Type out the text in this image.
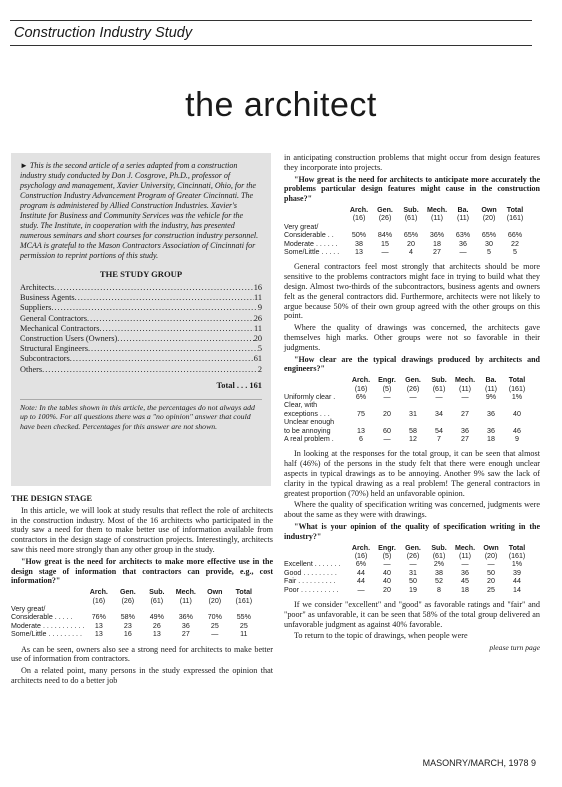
Construction Industry Study
the architect

► This is the second article of a series adapted from a construction industry study conducted by Don J. Cosgrove, Ph.D., professor of psychology and management, Xavier University, Cincinnati, Ohio, for the Construction Industry Advancement Program of Greater Cincinnati. The program is administered by Allied Construction Industries. Xavier's Institute for Business and Community Services was the vehicle for the study. The Institute, in cooperation with the industry, has presented numerous seminars and short courses for construction industry personnel. MCAA is grateful to the Mason Contractors Association of Cincinnati for permission to reprint portions of this study.

THE STUDY GROUP
Architects .....	16
Business Agents .....	11
Suppliers .....	9
General Contractors .....	26
Mechanical Contractors .....	11
Construction Users (Owners) .....	20
Structural Engineers .....	5
Subcontractors .....	61
Others .....	2
Total . . . 161
Note: In the tables shown in this article, the percentages do not always add up to 100%. For all questions there was a "no opinion" answer that could have been checked. Percentages for this answer are not shown.
THE DESIGN STAGE

In this article, we will look at study results that reflect the role of architects in the construction industry. Most of the 16 architects who participated in the study saw a need for them to make better use of information available from contractors in the design stage of construction projects. Interestingly, architects saw this need more strongly than any other group in the study.

"How great is the need for architects to make more effective use in the design stage of information that contractors can provide, e.g., cost information?"

	Arch.	Gen.	Sub.	Mech.	Own	Total
	(16)	(26)	(61)	(11)	(20)	(161)
Very great/						
Considerable . . . . .	76%	58%	49%	36%	70%	55%
Moderate . . . . . . . . . . .	13	23	26	36	25	25
Some/Little . . . . . . . . .	13	16	13	27	—	11

As can be seen, owners also see a strong need for architects to make better use of information from contractors.

On a related point, many persons in the study expressed the opinion that architects need to do a better job

in anticipating construction problems that might occur from design features they incorporate into projects.

"How great is the need for architects to anticipate more accurately the problems particular design features might cause in the construction phase?"

	Arch.	Gen.	Sub.	Mech.	Ba.	Own	Total
	(16)	(26)	(61)	(11)	(11)	(20)	(161)
Very great/							
Considerable . .	50%	84%	65%	36%	63%	65%	66%
Moderate . . . . . .	38	15	20	18	36	30	22
Some/Little . . . . .	13	—	4	27	—	5	5

General contractors feel most strongly that architects should be more sensitive to the problems contractors might face in trying to build what they design. Almost two-thirds of the subcontractors, business agents and owners felt as the general contractors did. Furthermore, architects were not likely to argue because 50% of their own group agreed with the other groups on this point.

Where the quality of drawings was concerned, the architects gave themselves high marks. Other groups were not so favorable in their judgments.

"How clear are the typical drawings produced by architects and engineers?"

	Arch.	Engr.	Gen.	Sub.	Mech.	Ba.	Total
	(16)	(5)	(26)	(61)	(11)	(11)	(161)
Uniformly clear .	6%	—	—	—	—	9%	1%
Clear, with							
exceptions . . .	75	20	31	34	27	36	40
Unclear enough							
to be annoying	13	60	58	54	36	36	46
A real problem .	6	—	12	7	27	18	9

In looking at the responses for the total group, it can be seen that almost half (46%) of the persons in the study felt that there were enough unclear aspects in typical drawings as to be annoying. Another 9% saw the lack of clarity in the typical drawing as a real problem! The general contractors in greatest proportion (70%) held an unfavorable opinion.

Where the quality of specification writing was concerned, judgments were about the same as they were with drawings.

"What is your opinion of the quality of specification writing in the industry?"

	Arch.	Engr.	Gen.	Sub.	Mech.	Own	Total
	(16)	(5)	(26)	(61)	(11)	(20)	(161)
Excellent . . . . . . .	6%	—	—	2%	—	—	1%
Good . . . . . . . . .	44	40	31	38	36	50	39
Fair . . . . . . . . . .	44	40	50	52	45	20	44
Poor . . . . . . . . . .	—	20	19	8	18	25	14

If we consider "excellent" and "good" as favorable ratings and "fair" and "poor" as unfavorable, it can be seen that 58% of the total group delivered an unfavorable judgment as against 40% favorable.

To return to the topic of drawings, when people were

please turn page
MASONRY/MARCH, 1978 9
